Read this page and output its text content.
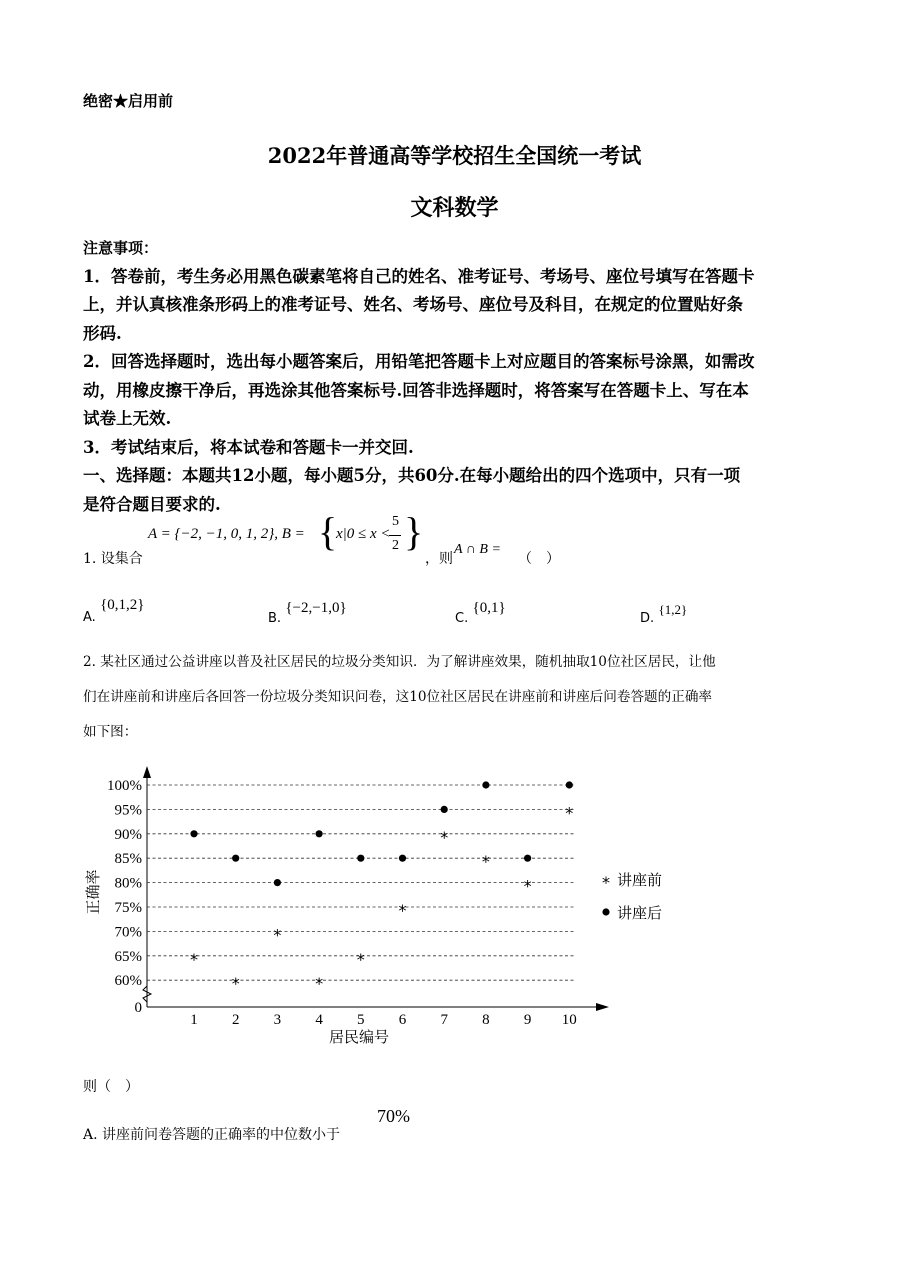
绝密★启用前
2022年普通高等学校招生全国统一考试
文科数学
注意事项：
1．答卷前，考生务必用黑色碳素笔将自己的姓名、准考证号、考场号、座位号填写在答题卡
上，并认真核准条形码上的准考证号、姓名、考场号、座位号及科目，在规定的位置贴好条
形码.
2．回答选择题时，选出每小题答案后，用铅笔把答题卡上对应题目的答案标号涂黑，如需改
动，用橡皮擦干净后，再选涂其他答案标号.回答非选择题时，将答案写在答题卡上、写在本
试卷上无效.
3．考试结束后，将本试卷和答题卡一并交回.
一、选择题：本题共12小题，每小题5分，共60分.在每小题给出的四个选项中，只有一项
是符合题目要求的.
1. 设集合
A = {−2, −1, 0, 1, 2}, B = {
x|0 ≤ x <
5
2 }
，则
A ∩ B =
（　）
A. {0,1,2}
B. {−2,−1,0}
C. {0,1}
D. {1,2}
2. 某社区通过公益讲座以普及社区居民的垃圾分类知识．为了解讲座效果，随机抽取10位社区居民，让他
们在讲座前和讲座后各回答一份垃圾分类知识问卷，这10位社区居民在讲座前和讲座后问卷答题的正确率
如下图：
0
60%
65%
70%
75%
80%
85%
90%
95%
100%
1 2 3 4 5 6 7 8 9 10
居民编号
正确率
*
*
*
*
*
*
*
*
*
*
* 讲座前
讲座后
则（　）
A. 讲座前问卷答题的正确率的中位数小于
70%
